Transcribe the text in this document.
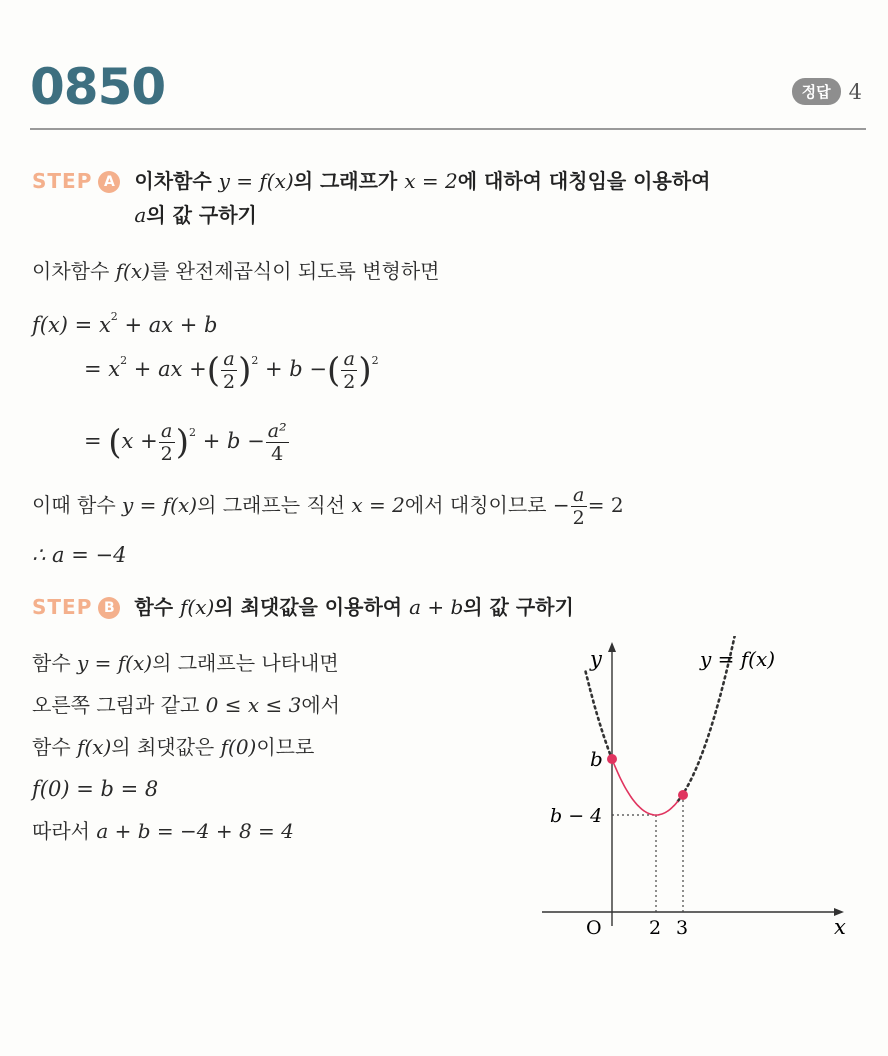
0850	정답 4
STEP A 이차함수 y = f(x)의 그래프가 x = 2에 대하여 대칭임을 이용하여
a의 값 구하기
이차함수 f(x)를 완전제곱식이 되도록 변형하면
$f(x) = x^2$ + ax + b
= $x^2$ + ax +( $\frac{a}{2} )^2 + b$ −( $\frac{a}{2} )^2$
= $(x + \frac{a}{2} )^2 + b - \frac{\text{a²}}{4}$
이때 함수 y = f(x)의 그래프는 직선 x = 2에서 대칭이므로 − $\frac{a}{2} = 2$
∴ a = −4
STEP B 함수 f(x)의 최댓값을 이용하여 a + b의 값 구하기
함수 y = f(x)의 그래프는 나타내면
오른쪽 그림과 같고 0 ≤ x ≤ 3에서
함수 f(x)의 최댓값은 f(0)이므로
f(0) = b = 8
따라서 a + b = −4 + 8 = 4
y
x
O 2 3
b
b − 4
y = f(x)
